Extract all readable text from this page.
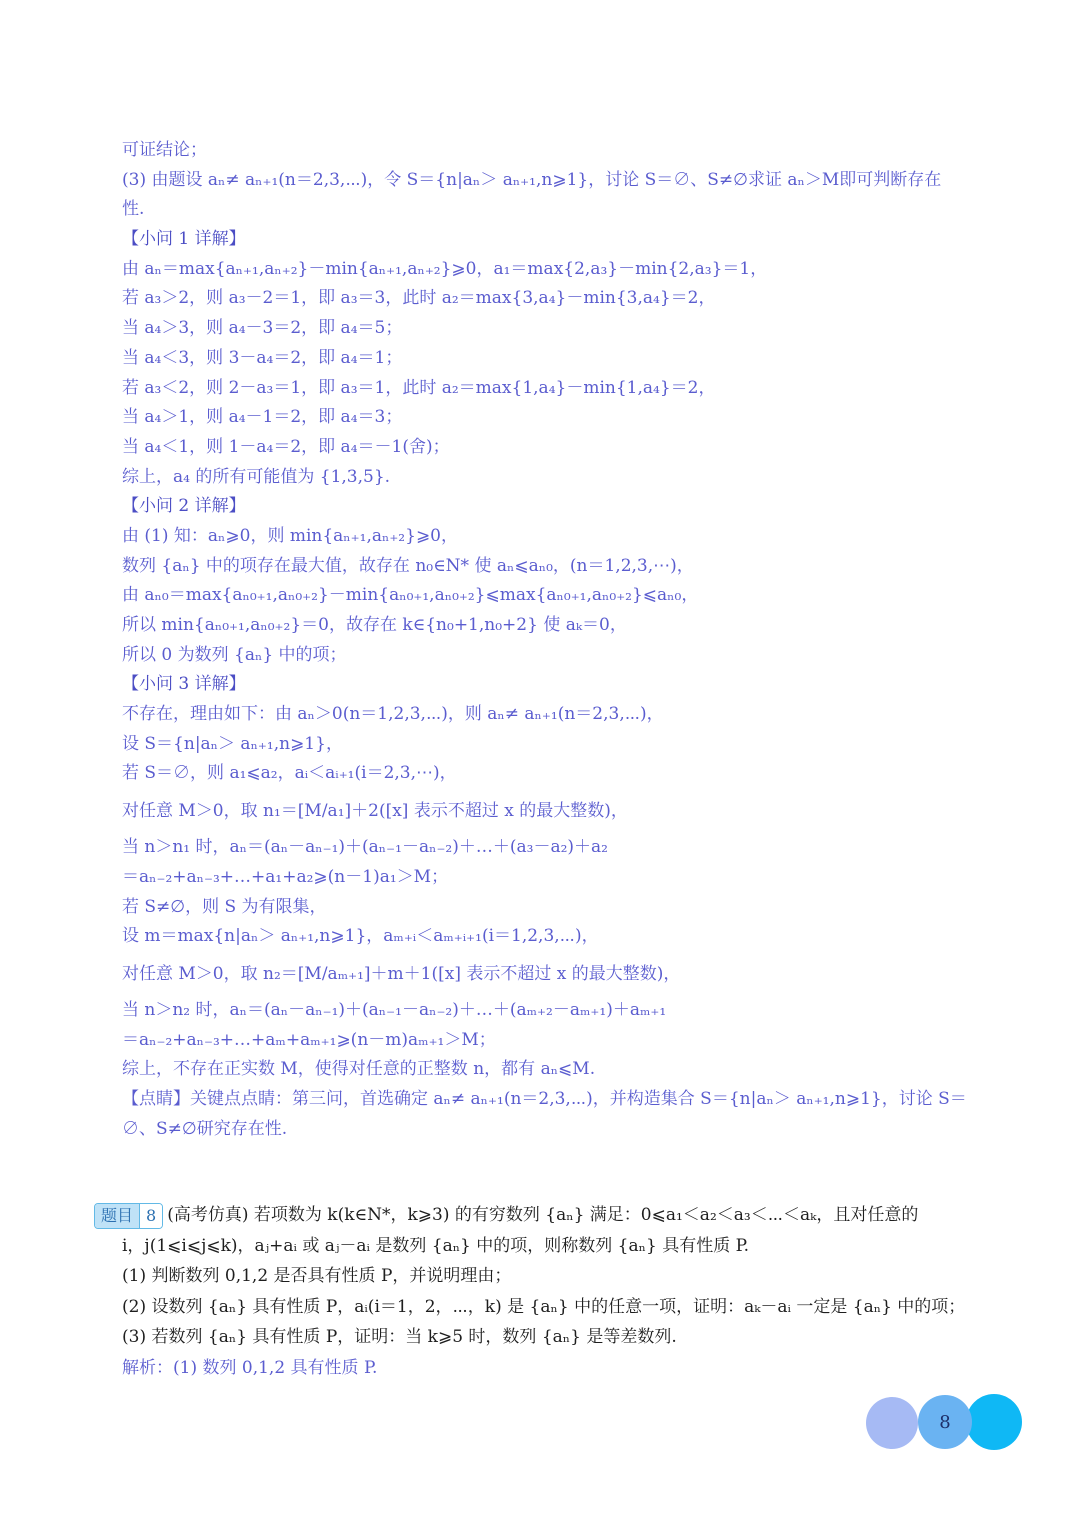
可证结论；
(3) 由题设 aₙ≠ aₙ₊₁(n＝2,3,⋯)，令 S＝{n|aₙ＞ aₙ₊₁,n⩾1}，讨论 S＝∅、S≠∅求证 aₙ＞M即可判断存在
性.
【小问 1 详解】
由 aₙ＝max{aₙ₊₁,aₙ₊₂}－min{aₙ₊₁,aₙ₊₂}⩾0，a₁＝max{2,a₃}－min{2,a₃}＝1，
若 a₃＞2，则 a₃－2＝1，即 a₃＝3，此时 a₂＝max{3,a₄}－min{3,a₄}＝2，
当 a₄＞3，则 a₄－3＝2，即 a₄＝5；
当 a₄＜3，则 3－a₄＝2，即 a₄＝1；
若 a₃＜2，则 2－a₃＝1，即 a₃＝1，此时 a₂＝max{1,a₄}－min{1,a₄}＝2，
当 a₄＞1，则 a₄－1＝2，即 a₄＝3；
当 a₄＜1，则 1－a₄＝2，即 a₄＝－1(舍)；
综上，a₄ 的所有可能值为 {1,3,5}.
【小问 2 详解】
由 (1) 知：aₙ⩾0，则 min{aₙ₊₁,aₙ₊₂}⩾0，
数列 {aₙ} 中的项存在最大值，故存在 n₀∈N* 使 aₙ⩽aₙ₀，(n＝1,2,3,⋯)，
由 aₙ₀＝max{aₙ₀₊₁,aₙ₀₊₂}－min{aₙ₀₊₁,aₙ₀₊₂}⩽max{aₙ₀₊₁,aₙ₀₊₂}⩽aₙ₀，
所以 min{aₙ₀₊₁,aₙ₀₊₂}＝0，故存在 k∈{n₀+1,n₀+2} 使 aₖ＝0，
所以 0 为数列 {aₙ} 中的项；
【小问 3 详解】
不存在，理由如下：由 aₙ＞0(n＝1,2,3,⋯)，则 aₙ≠ aₙ₊₁(n＝2,3,⋯)，
设 S＝{n|aₙ＞ aₙ₊₁,n⩾1}，
若 S＝∅，则 a₁⩽a₂，aᵢ＜aᵢ₊₁(i＝2,3,⋯)，
对任意 M＞0，取 n₁＝[M/a₁]＋2([x] 表示不超过 x 的最大整数)，
当 n＞n₁ 时，aₙ＝(aₙ－aₙ₋₁)＋(aₙ₋₁－aₙ₋₂)＋…＋(a₃－a₂)＋a₂
＝aₙ₋₂+aₙ₋₃+…+a₁+a₂⩾(n－1)a₁＞M；
若 S≠∅，则 S 为有限集，
设 m＝max{n|aₙ＞ aₙ₊₁,n⩾1}，aₘ₊ᵢ＜aₘ₊ᵢ₊₁(i＝1,2,3,⋯)，
对任意 M＞0，取 n₂＝[M/aₘ₊₁]＋m＋1([x] 表示不超过 x 的最大整数)，
当 n＞n₂ 时，aₙ＝(aₙ－aₙ₋₁)＋(aₙ₋₁－aₙ₋₂)＋…＋(aₘ₊₂－aₘ₊₁)＋aₘ₊₁
＝aₙ₋₂+aₙ₋₃+…+aₘ+aₘ₊₁⩾(n－m)aₘ₊₁＞M；
综上，不存在正实数 M，使得对任意的正整数 n，都有 aₙ⩽M.
【点睛】关键点点睛：第三问，首选确定 aₙ≠ aₙ₊₁(n＝2,3,⋯)，并构造集合 S＝{n|aₙ＞ aₙ₊₁,n⩾1}，讨论 S＝∅、S≠∅研究存在性.
题目 8 (高考仿真) 若项数为 k(k∈N*，k⩾3) 的有穷数列 {aₙ} 满足：0⩽a₁＜a₂＜a₃＜⋯＜aₖ，且对任意的
i，j(1⩽i⩽j⩽k)，aⱼ+aᵢ 或 aⱼ－aᵢ 是数列 {aₙ} 中的项，则称数列 {aₙ} 具有性质 P.
(1) 判断数列 0,1,2 是否具有性质 P，并说明理由；
(2) 设数列 {aₙ} 具有性质 P，aᵢ(i＝1，2，⋯，k) 是 {aₙ} 中的任意一项，证明：aₖ－aᵢ 一定是 {aₙ} 中的项；
(3) 若数列 {aₙ} 具有性质 P，证明：当 k⩾5 时，数列 {aₙ} 是等差数列.
解析：(1) 数列 0,1,2 具有性质 P.
8
